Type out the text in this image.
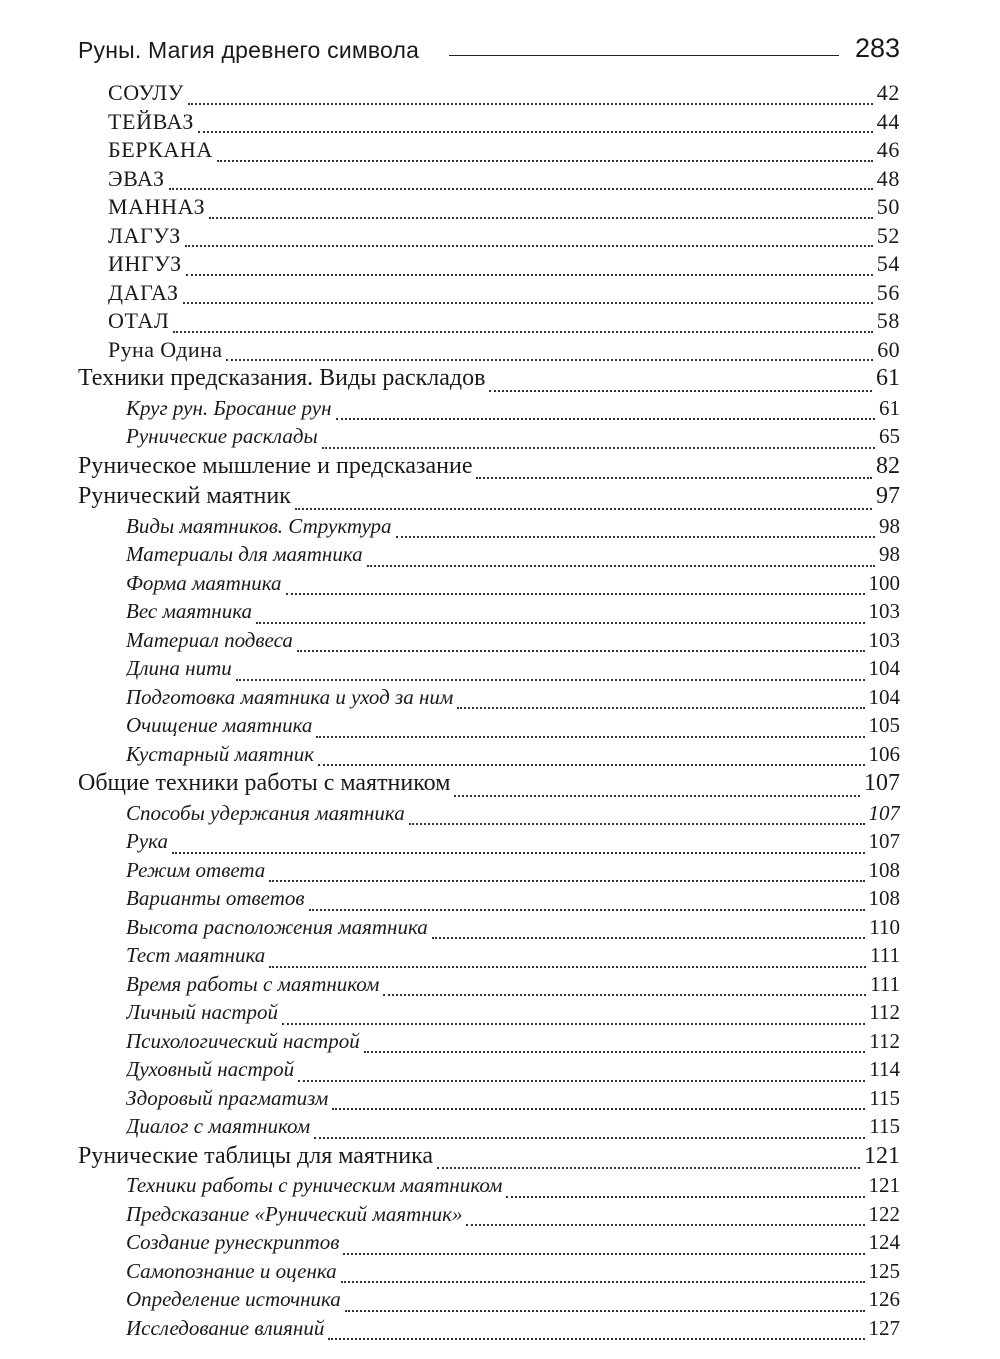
Руны. Магия древнего символа	283
СОУЛУ	42
ТЕЙВАЗ	44
БЕРКАНА	46
ЭВАЗ	48
МАННАЗ	50
ЛАГУЗ	52
ИНГУЗ	54
ДАГАЗ	56
ОТАЛ	58
Руна Одина	60
Техники предсказания. Виды раскладов	61
Круг рун. Бросание рун	61
Рунические расклады	65
Руническое мышление и предсказание	82
Рунический маятник	97
Виды маятников. Структура	98
Материалы для маятника	98
Форма маятника	100
Вес маятника	103
Материал подвеса	103
Длина нити	104
Подготовка маятника и уход за ним	104
Очищение маятника	105
Кустарный маятник	106
Общие техники работы с маятником	107
Способы удержания маятника	107
Рука	107
Режим ответа	108
Варианты ответов	108
Высота расположения маятника	110
Тест маятника	111
Время работы с маятником	111
Личный настрой	112
Психологический настрой	112
Духовный настрой	114
Здоровый прагматизм	115
Диалог с маятником	115
Рунические таблицы для маятника	121
Техники работы с руническим маятником	121
Предсказание «Рунический маятник»	122
Создание рунескриптов	124
Самопознание и оценка	125
Определение источника	126
Исследование влияний	127
